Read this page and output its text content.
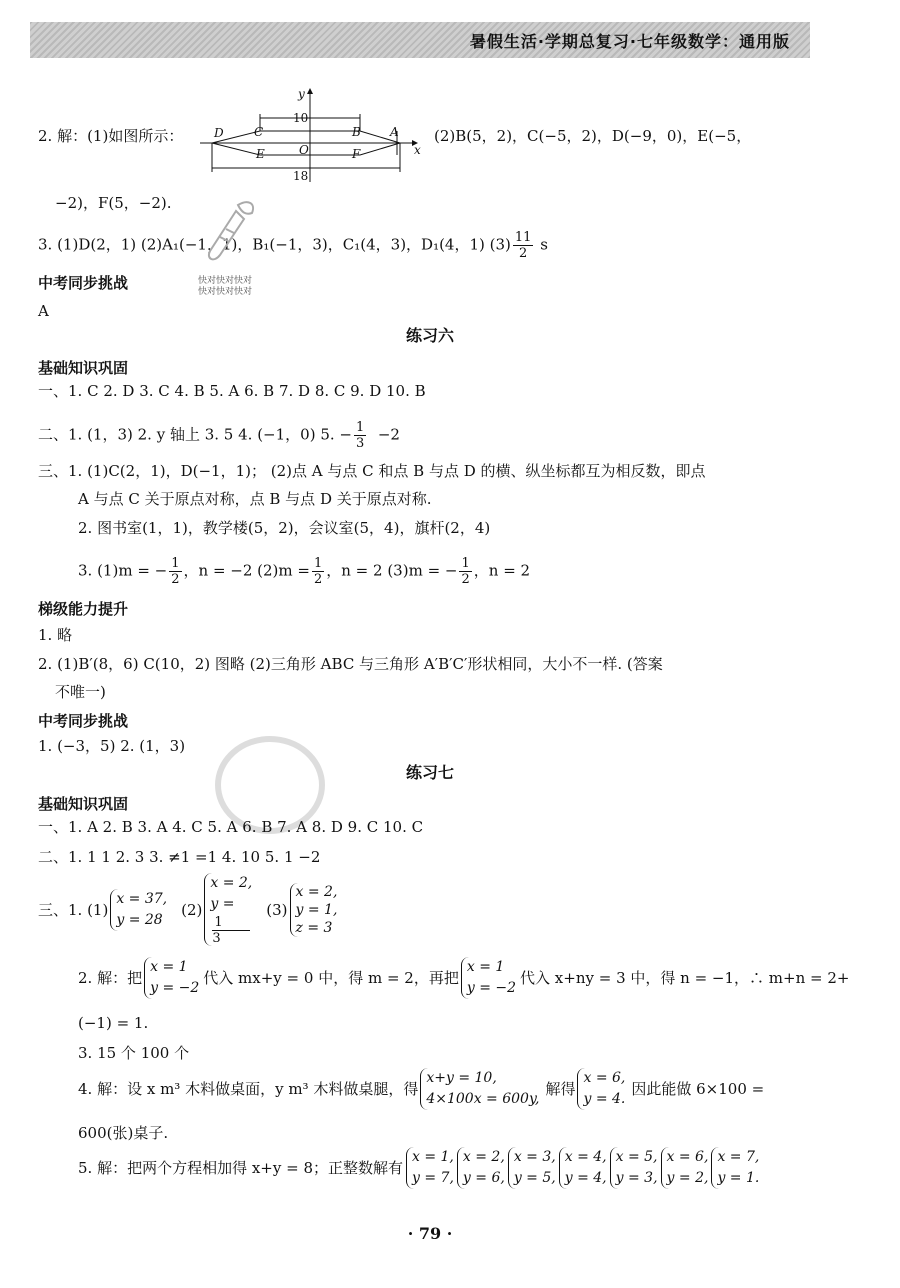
暑假生活·学期总复习·七年级数学：通用版
2. 解：(1)如图所示：
y
x
D	C	B A
E	O	F
10
18
(2)B(5，2)，C(−5，2)，D(−9，0)，E(−5，
−2)，F(5，−2).
3. (1)D(2，1) (2)A₁(−1，1)，B₁(−1，3)，C₁(4，3)，D₁(4，1) $(3) \frac{11}{2}$ s
快对快对快对
快对快对快对
中考同步挑战
A
练习六
基础知识巩固
一、1. C 2. D 3. C 4. B 5. A 6. B 7. D 8. C 9. D 10. B
二、1. (1，3) 2. y 轴上 3. 5 4. (−1，0) 5. − $\frac{1}{3} -2$
三、1. (1)C(2，1)，D(−1，1)； (2)点 A 与点 C 和点 B 与点 D 的横、纵坐标都互为相反数，即点
A 与点 C 关于原点对称，点 B 与点 D 关于原点对称.
2. 图书室(1，1)，教学楼(5，2)，会议室(5，4)，旗杆(2，4)
3. (1)m = − $\frac{1}{2}$ ，n = −2 $(2)m = \frac{1}{2}$ ，n = 2 (3)m = − $\frac{1}{2}$ ，n = 2
梯级能力提升
1. 略
2. (1)B′(8，6) C(10，2) 图略 (2)三角形 ABC 与三角形 A′B′C′形状相同，大小不一样. (答案
不唯一)
中考同步挑战
1. (−3，5) 2. (1，3)
练习七
基础知识巩固
一、1. A 2. B 3. A 4. C 5. A 6. B 7. A 8. D 9. C 10. C
二、1. 1 1 2. 3 3. ≠1 =1 4. 10 5. 1 −2
三、1. (1)
x = 37,
y = 28
(2)
x = 2,
y =
1
3
(3)
x = 2,
y = 1,
z = 3
2. 解：把
x = 1
y = −2
代入 mx+y = 0 中，得 m = 2，再把
x = 1
y = −2
代入 x+ny = 3 中，得 n = −1，∴ m+n = 2+
(−1) = 1.
3. 15 个 100 个
4. 解：设 x m³ 木料做桌面，y m³ 木料做桌腿，得
x+y = 10,
4×100x = 600y,
解得
x = 6,
y = 4.
因此能做 6×100 =
600(张)桌子.
5. 解：把两个方程相加得 x+y = 8；正整数解有
x = 1,
y = 7,
x = 2,
y = 6,
x = 3,
y = 5,
x = 4,
y = 4,
x = 5,
y = 3,
x = 6,
y = 2,
x = 7,
y = 1.
· 79 ·
